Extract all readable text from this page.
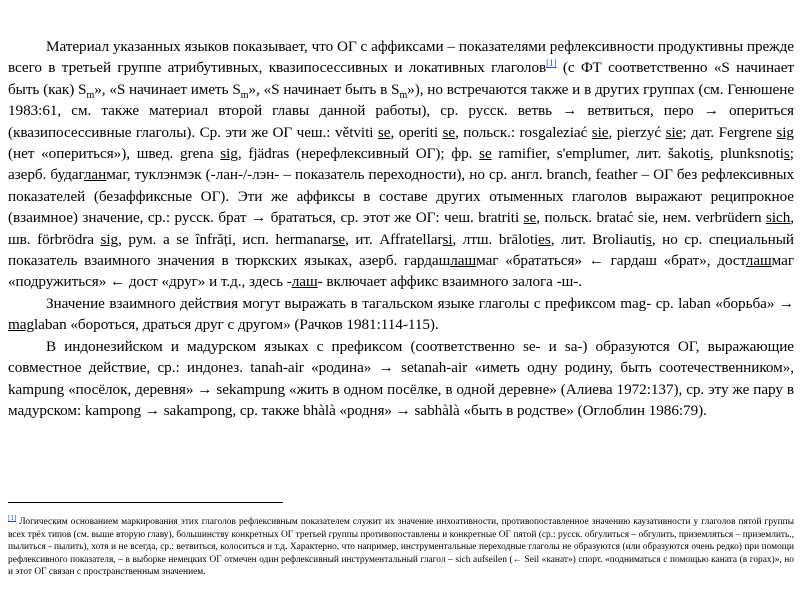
Материал указанных языков показывает, что ОГ с аффиксами – показателями рефлексивности продуктивны прежде всего в третьей группе атрибутивных, квазипосессивных и локативных глаголов[1] (с ФТ соответственно «S начинает быть (как) $S_m$», «S начинает иметь $S_m$», «S начинает быть в $S_m$»), но встречаются также и в других группах (см. Генюшене 1983:61, см. также материал второй главы данной работы), ср. русск. ветвь → ветвиться, перо → опериться (квазипосессивные глаголы). Ср. эти же ОГ чеш.: větviti se, operiti se, польск.: rosgaleziać sie, pierzyć sie; дат. Fergrene sig (нет «опериться»), швед. grena sig, fjädras (нерефлексивный ОГ); фр. se ramifier, s'emplumer, лит. šakotis, plunksnotis; азерб. будагланмаг, туклэнмэк (-лан-/-лэн- – показатель переходности), но ср. англ. branch, feather – ОГ без рефлексивных показателей (безаффиксные ОГ). Эти же аффиксы в составе других отыменных глаголов выражают реципрокное (взаимное) значение, ср.: русск. брат → брататься, ср. этот же ОГ: чеш. bratriti se, польск. bratać sie, нем. verbrüdern sich, шв. förbrödra sig, рум. a se înfrăți, исп. hermanarse, ит. Affratellarsi, лтш. brāloties, лит. Broliautis, но ср. специальный показатель взаимного значения в тюркских языках, азерб. гардашлашмаг «брататься» ← гардаш «брат», достлашмаг «подружиться» ← дост «друг» и т.д., здесь -лаш- включает аффикс взаимного залога -ш-.

Значение взаимного действия могут выражать в тагальском языке глаголы с префиксом mag- ср. laban «борьба» → maglaban «бороться, драться друг с другом» (Рачков 1981:114-115).

В индонезийском и мадурском языках с префиксом (соответственно se- и sa-) образуются ОГ, выражающие совместное действие, ср.: индонез. tanah-air «родина» → setanah-air «иметь одну родину, быть соотечественником», kampung «посёлок, деревня» → sekampung «жить в одном посёлке, в одной деревне» (Алиева 1972:137), ср. эту же пару в мадурском: kampong → sakampong, ср. также bhàlà «родня» → sabhàlà «быть в родстве» (Оглоблин 1986:79).

[1] Логическим основанием маркирования этих глаголов рефлексивным показателем служит их значение инхоативности, противопоставленное значению каузативности у глаголов пятой группы всех трёх типов (см. выше вторую главу), большинству конкретных ОГ третьей группы противопоставлены и конкретные ОГ пятой (ср.: русск. обгулиться – обгулить, приземляться – приземлить., пылиться - пылить), хотя и не всегда, ср.: ветвиться, колоситься и т.д. Характерно, что например, инструментальные переходные глаголы не образуются (или образуются очень редко) при помощи рефлексивного показателя, – в выборке немецких ОГ отмечен один рефлексивный инструментальный глагол – sich aufseilen (← Seil «канат») спорт. «подниматься с помощью каната (в горах)», но и этот ОГ связан с пространственным значением.
